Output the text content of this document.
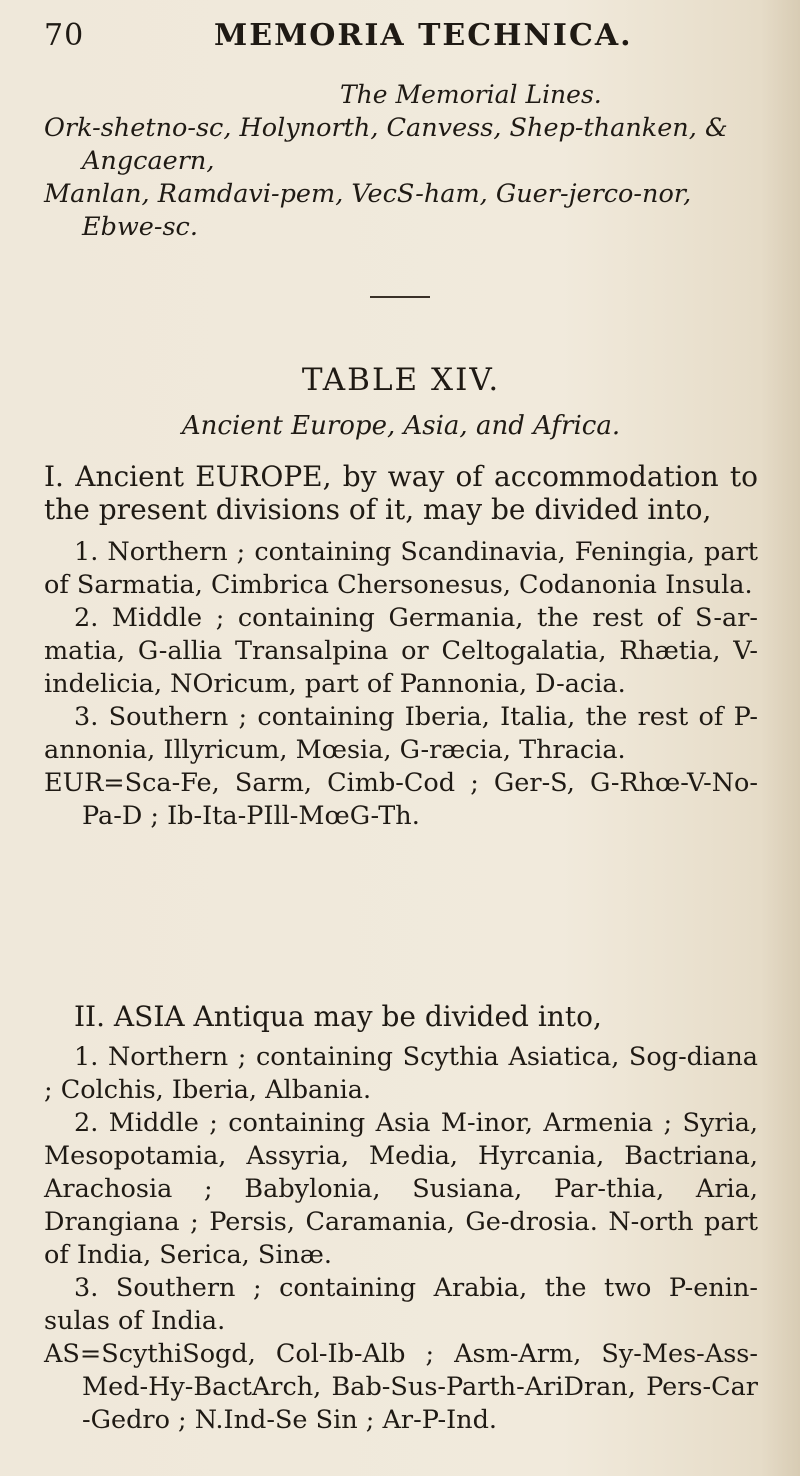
70	MEMORIA TECHNICA.
The Memorial Lines.

Ork-shetno-sc, Holynorth, Canvess, Shep-thanken, &

Angcaern,

Manlan, Ramdavi-pem, VecS-ham, Guer-jerco-nor,

Ebwe-sc.

TABLE XIV.
Ancient Europe, Asia, and Africa.

I. Ancient EUROPE, by way of accommodation to the present divisions of it, may be divided into,

1. Northern ; containing Scandinavia, Feningia, part of Sarmatia, Cimbrica Chersonesus, Codanonia Insula.

2. Middle ; containing Germania, the rest of S-ar-matia, G-allia Transalpina or Celtogalatia, Rhætia, V-indelicia, NOricum, part of Pannonia, D-acia.

3. Southern ; containing Iberia, Italia, the rest of P-annonia, Illyricum, Mœsia, G-ræcia, Thracia.

EUR=Sca-Fe, Sarm, Cimb-Cod ; Ger-S, G-Rhœ-V-No-Pa-D ; Ib-Ita-PIll-MœG-Th.

II. ASIA Antiqua may be divided into,

1. Northern ; containing Scythia Asiatica, Sog-diana ; Colchis, Iberia, Albania.

2. Middle ; containing Asia M-inor, Armenia ; Syria, Mesopotamia, Assyria, Media, Hyrcania, Bactriana, Arachosia ; Babylonia, Susiana, Par-thia, Aria, Drangiana ; Persis, Caramania, Ge-drosia. N-orth part of India, Serica, Sinæ.

3. Southern ; containing Arabia, the two P-enin-sulas of India.

AS=ScythiSogd, Col-Ib-Alb ; Asm-Arm, Sy-Mes-Ass-Med-Hy-BactArch, Bab-Sus-Parth-AriDran, Pers-Car -Gedro ; N.Ind-Se Sin ; Ar-P-Ind.
